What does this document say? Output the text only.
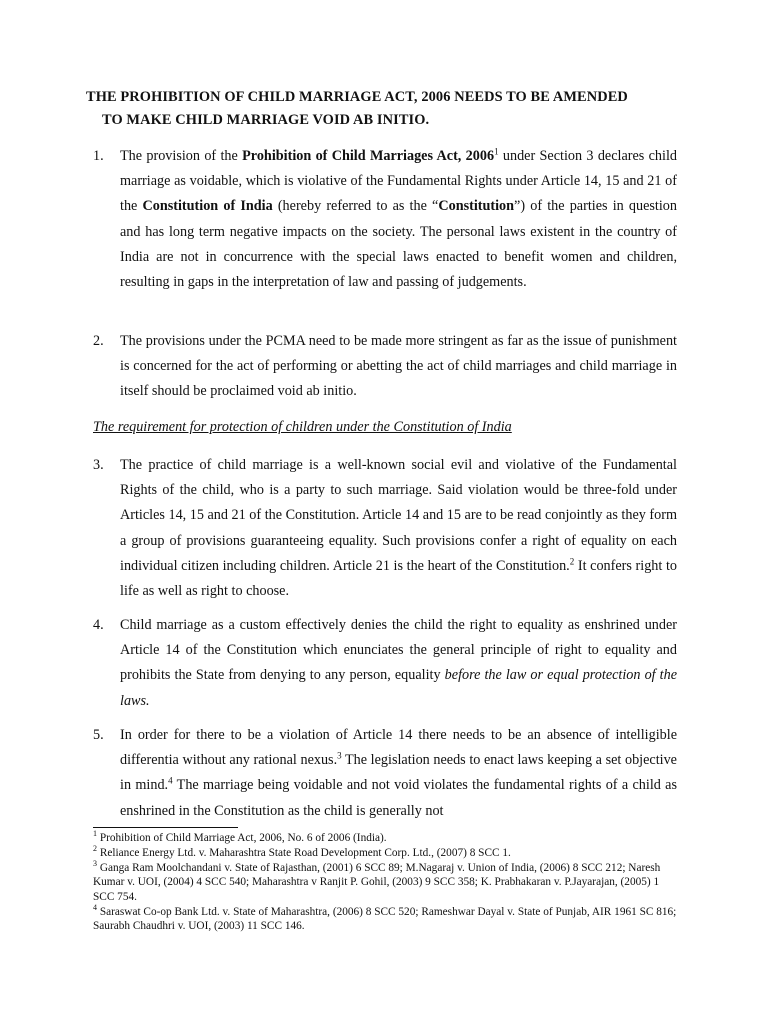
THE PROHIBITION OF CHILD MARRIAGE ACT, 2006 NEEDS TO BE AMENDED
TO MAKE CHILD MARRIAGE VOID AB INITIO.
1. The provision of the Prohibition of Child Marriages Act, 2006$^1$ under Section 3 declares child marriage as voidable, which is violative of the Fundamental Rights under Article 14, 15 and 21 of the Constitution of India (hereby referred to as the “Constitution”) of the parties in question and has long term negative impacts on the society. The personal laws existent in the country of India are not in concurrence with the special laws enacted to benefit women and children, resulting in gaps in the interpretation of law and passing of judgements.
2. The provisions under the PCMA need to be made more stringent as far as the issue of punishment is concerned for the act of performing or abetting the act of child marriages and child marriage in itself should be proclaimed void ab initio.
The requirement for protection of children under the Constitution of India
3. The practice of child marriage is a well-known social evil and violative of the Fundamental Rights of the child, who is a party to such marriage. Said violation would be three-fold under Articles 14, 15 and 21 of the Constitution. Article 14 and 15 are to be read conjointly as they form a group of provisions guaranteeing equality. Such provisions confer a right of equality on each individual citizen including children. Article 21 is the heart of the Constitution.$^2$ It confers right to life as well as right to choose.
4. Child marriage as a custom effectively denies the child the right to equality as enshrined under Article 14 of the Constitution which enunciates the general principle of right to equality and prohibits the State from denying to any person, equality before the law or equal protection of the laws.
5. In order for there to be a violation of Article 14 there needs to be an absence of intelligible differentia without any rational nexus.$^3$ The legislation needs to enact laws keeping a set objective in mind.$^4$ The marriage being voidable and not void violates the fundamental rights of a child as enshrined in the Constitution as the child is generally not
$^1$ Prohibition of Child Marriage Act, 2006, No. 6 of 2006 (India).
$^2$ Reliance Energy Ltd. v. Maharashtra State Road Development Corp. Ltd., (2007) 8 SCC 1.
$^3$ Ganga Ram Moolchandani v. State of Rajasthan, (2001) 6 SCC 89; M.Nagaraj v. Union of India, (2006) 8 SCC 212; Naresh Kumar v. UOI, (2004) 4 SCC 540; Maharashtra v Ranjit P. Gohil, (2003) 9 SCC 358; K. Prabhakaran v. P.Jayarajan, (2005) 1 SCC 754.
$^4$ Saraswat Co-op Bank Ltd. v. State of Maharashtra, (2006) 8 SCC 520; Rameshwar Dayal v. State of Punjab, AIR 1961 SC 816; Saurabh Chaudhri v. UOI, (2003) 11 SCC 146.
